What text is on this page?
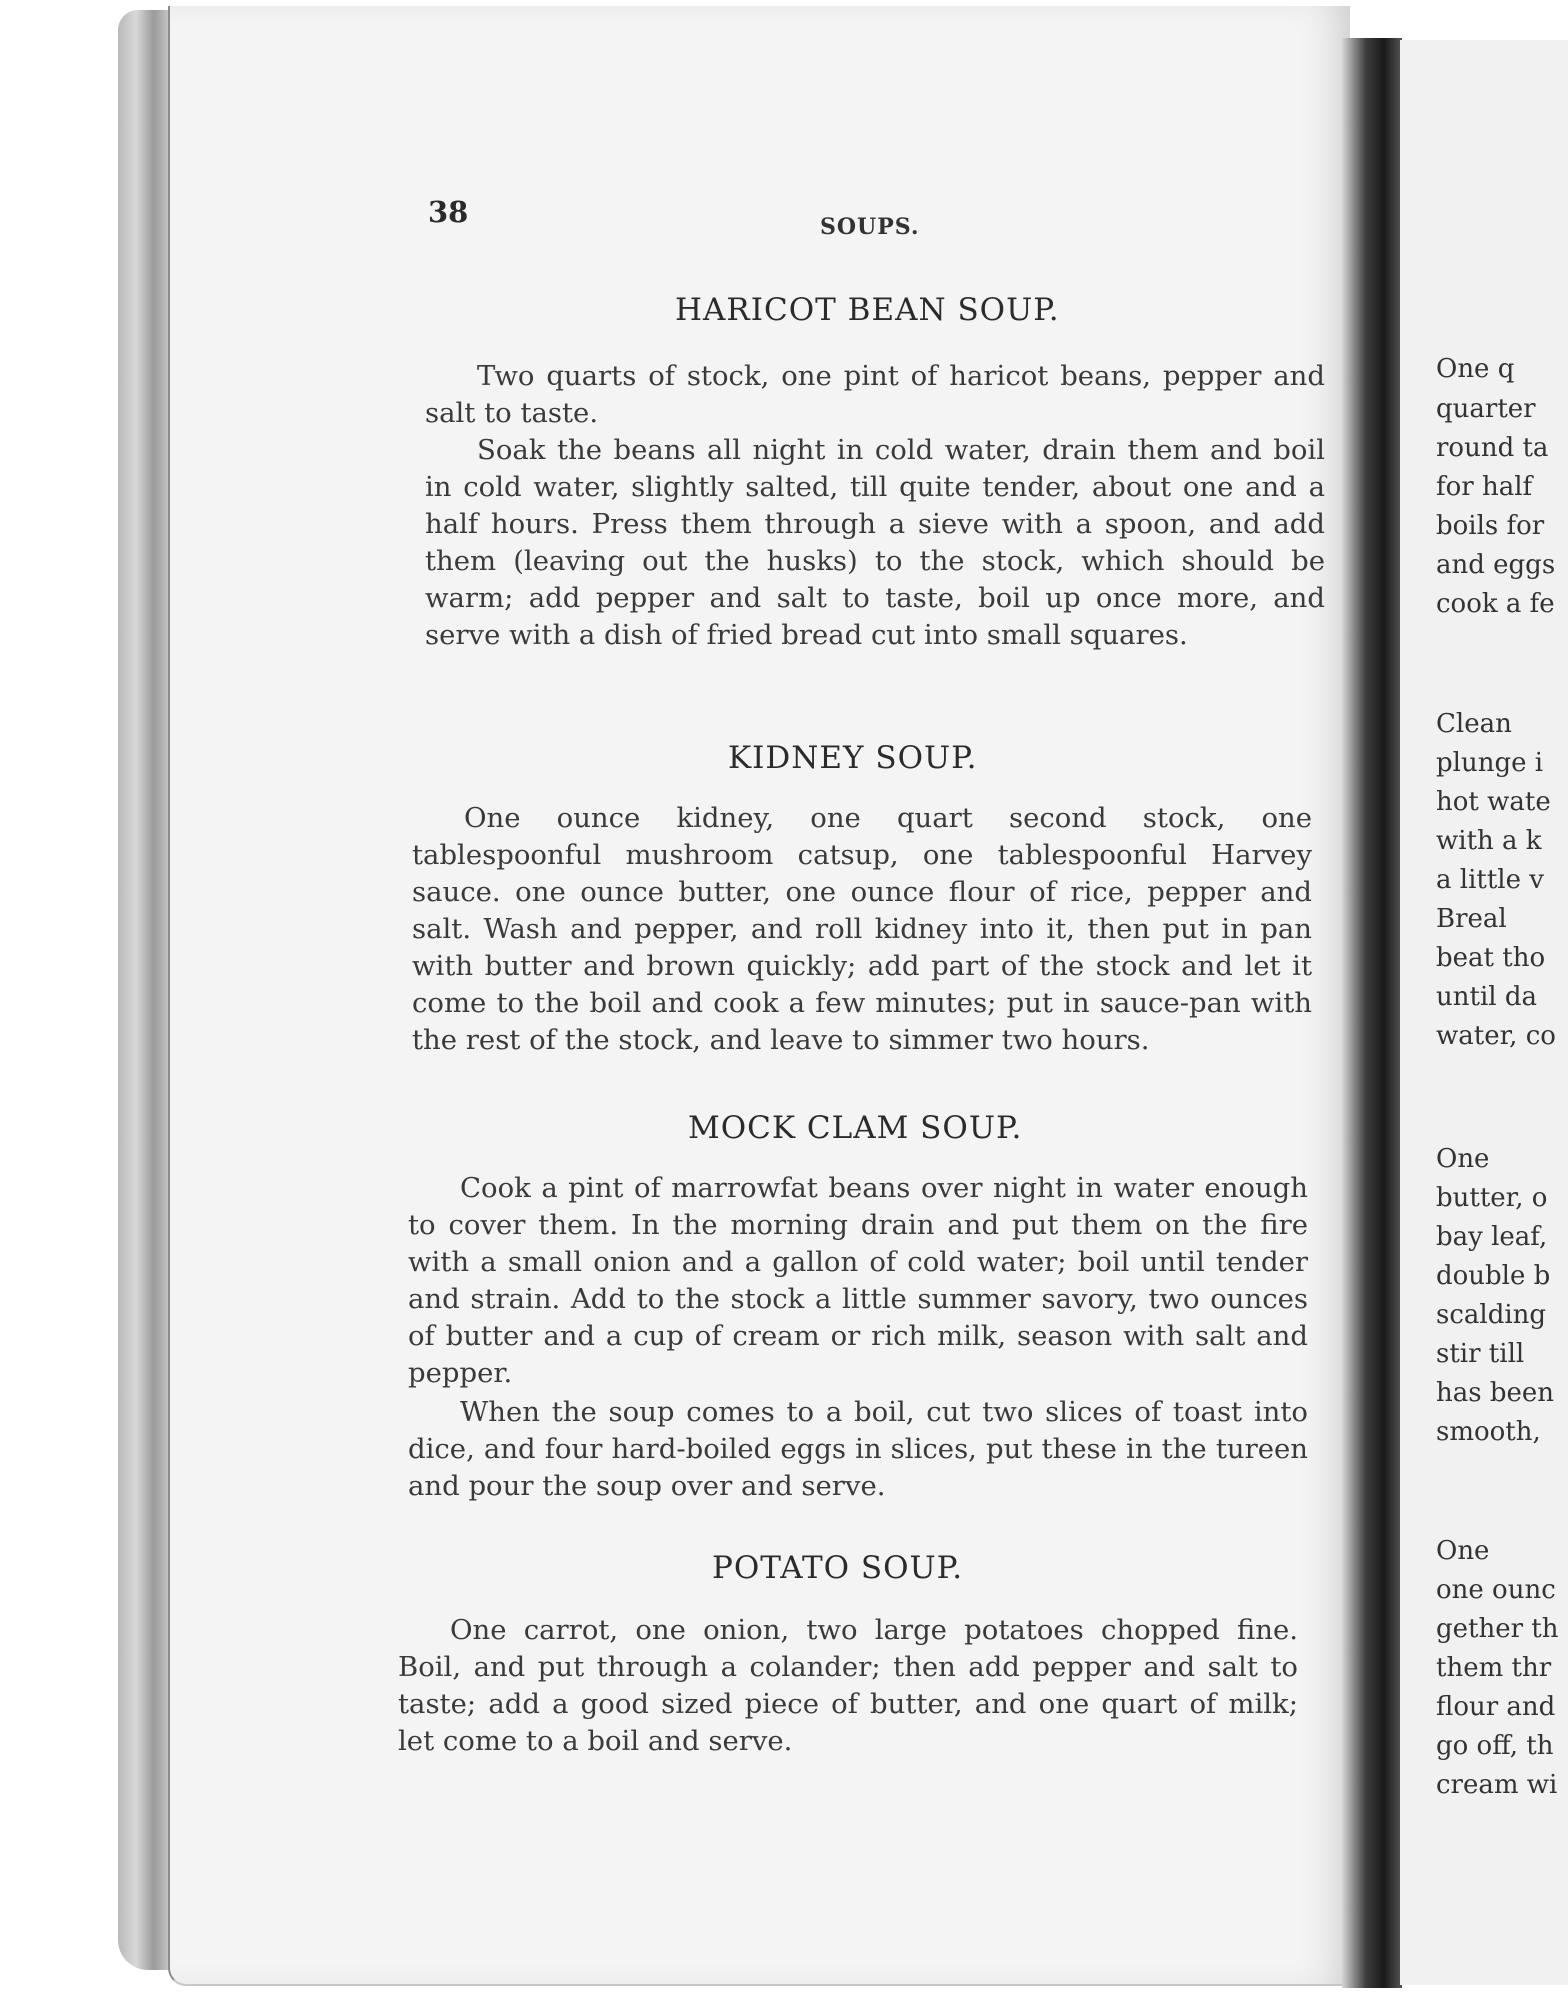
38	SOUPS.
HARICOT BEAN SOUP.

Two quarts of stock, one pint of haricot beans, pepper and salt to taste.

Soak the beans all night in cold water, drain them and boil in cold water, slightly salted, till quite tender, about one and a half hours. Press them through a sieve with a spoon, and add them (leaving out the husks) to the stock, which should be warm; add pepper and salt to taste, boil up once more, and serve with a dish of fried bread cut into small squares.

KIDNEY SOUP.

One ounce kidney, one quart second stock, one tablespoonful mushroom catsup, one tablespoonful Harvey sauce. one ounce butter, one ounce flour of rice, pepper and salt. Wash and pepper, and roll kidney into it, then put in pan with butter and brown quickly; add part of the stock and let it come to the boil and cook a few minutes; put in sauce-pan with the rest of the stock, and leave to simmer two hours.

MOCK CLAM SOUP.

Cook a pint of marrowfat beans over night in water enough to cover them. In the morning drain and put them on the fire with a small onion and a gallon of cold water; boil until tender and strain. Add to the stock a little summer savory, two ounces of butter and a cup of cream or rich milk, season with salt and pepper.

When the soup comes to a boil, cut two slices of toast into dice, and four hard-boiled eggs in slices, put these in the tureen and pour the soup over and serve.

POTATO SOUP.

One carrot, one onion, two large potatoes chopped fine. Boil, and put through a colander; then add pepper and salt to taste; add a good sized piece of butter, and one quart of milk; let come to a boil and serve.

One q

quarter

round ta

for half

boils for

and eggs

cook a fe

Clean

plunge i

hot wate

with a k

a little v

Breal

beat tho

until da

water, co

One

butter, o

bay leaf,

double b

scalding

stir till

has been

smooth,

One

one ounc

gether th

them thr

flour and

go off, th

cream wi
